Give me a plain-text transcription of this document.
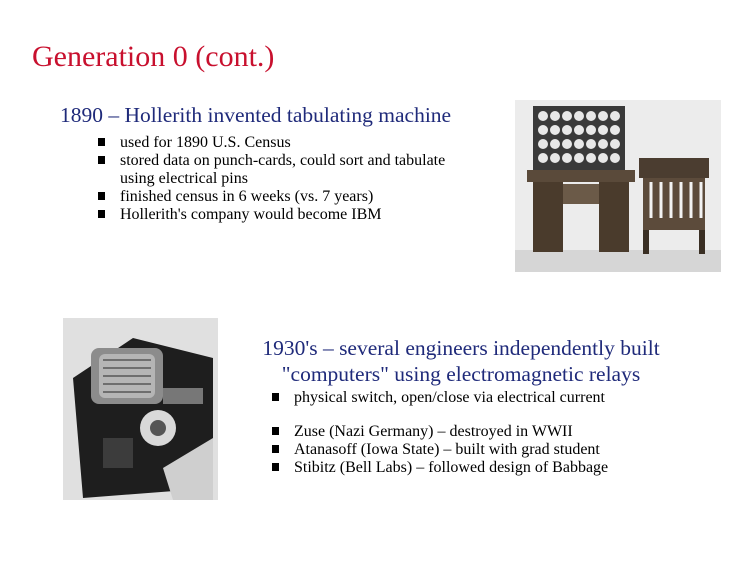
Generation 0 (cont.)
1890 – Hollerith invented tabulating machine
used for 1890 U.S. Census
stored data on punch-cards, could sort and tabulate using electrical pins
finished census in 6 weeks (vs. 7 years)
Hollerith's company would become IBM
1930's – several engineers independently built "computers" using electromagnetic relays
physical switch, open/close via electrical current
Zuse (Nazi Germany) – destroyed in WWII
Atanasoff (Iowa State) – built with grad student
Stibitz (Bell Labs) – followed design of Babbage
